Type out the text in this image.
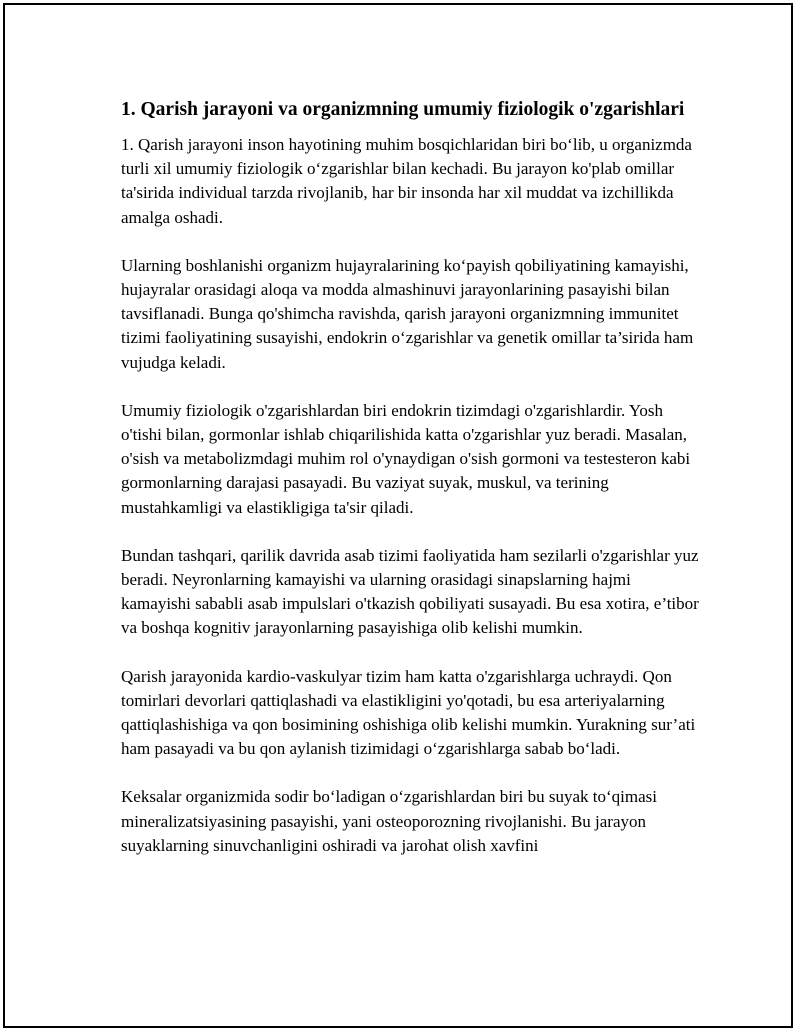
1. Qarish jarayoni va organizmning umumiy fiziologik o'zgarishlari

1. Qarish jarayoni inson hayotining muhim bosqichlaridan biri bo‘lib, u organizmda turli xil umumiy fiziologik o‘zgarishlar bilan kechadi. Bu jarayon ko'plab omillar ta'sirida individual tarzda rivojlanib, har bir insonda har xil muddat va izchillikda amalga oshadi.

Ularning boshlanishi organizm hujayralarining ko‘payish qobiliyatining kamayishi, hujayralar orasidagi aloqa va modda almashinuvi jarayonlarining pasayishi bilan tavsiflanadi. Bunga qo'shimcha ravishda, qarish jarayoni organizmning immunitet tizimi faoliyatining susayishi, endokrin o‘zgarishlar va genetik omillar ta’sirida ham vujudga keladi.

Umumiy fiziologik o'zgarishlardan biri endokrin tizimdagi o'zgarishlardir. Yosh o'tishi bilan, gormonlar ishlab chiqarilishida katta o'zgarishlar yuz beradi. Masalan, o'sish va metabolizmdagi muhim rol o'ynaydigan o'sish gormoni va testesteron kabi gormonlarning darajasi pasayadi. Bu vaziyat suyak, muskul, va terining mustahkamligi va elastikligiga ta'sir qiladi.

Bundan tashqari, qarilik davrida asab tizimi faoliyatida ham sezilarli o'zgarishlar yuz beradi. Neyronlarning kamayishi va ularning orasidagi sinapslarning hajmi kamayishi sababli asab impulslari o'tkazish qobiliyati susayadi. Bu esa xotira, e’tibor va boshqa kognitiv jarayonlarning pasayishiga olib kelishi mumkin.

Qarish jarayonida kardio-vaskulyar tizim ham katta o'zgarishlarga uchraydi. Qon tomirlari devorlari qattiqlashadi va elastikligini yo'qotadi, bu esa arteriyalarning qattiqlashishiga va qon bosimining oshishiga olib kelishi mumkin. Yurakning sur’ati ham pasayadi va bu qon aylanish tizimidagi o‘zgarishlarga sabab bo‘ladi.

Keksalar organizmida sodir bo‘ladigan o‘zgarishlardan biri bu suyak to‘qimasi mineralizatsiyasining pasayishi, yani osteoporozning rivojlanishi. Bu jarayon suyaklarning sinuvchanligini oshiradi va jarohat olish xavfini
